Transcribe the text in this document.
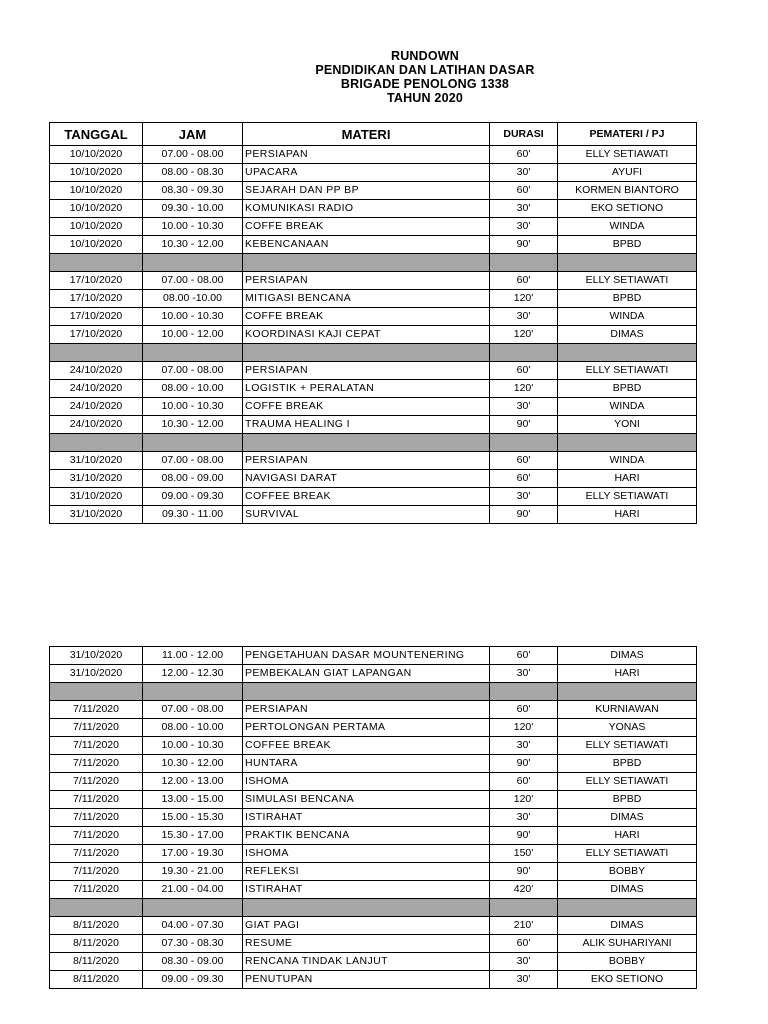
RUNDOWN
PENDIDIKAN DAN LATIHAN DASAR
BRIGADE PENOLONG 1338
TAHUN 2020
TANGGAL	JAM	MATERI	DURASI	PEMATERI / PJ
10/10/2020	07.00 - 08.00	PERSIAPAN	60'	ELLY SETIAWATI
10/10/2020	08.00 - 08.30	UPACARA	30'	AYUFI
10/10/2020	08.30 - 09.30	SEJARAH DAN PP BP	60'	KORMEN BIANTORO
10/10/2020	09.30 - 10.00	KOMUNIKASI RADIO	30'	EKO SETIONO
10/10/2020	10.00 - 10.30	COFFE BREAK	30'	WINDA
10/10/2020	10.30 - 12.00	KEBENCANAAN	90'	BPBD

17/10/2020	07.00 - 08.00	PERSIAPAN	60'	ELLY SETIAWATI
17/10/2020	08.00 -10.00	MITIGASI BENCANA	120'	BPBD
17/10/2020	10.00 - 10.30	COFFE BREAK	30'	WINDA
17/10/2020	10.00 - 12.00	KOORDINASI KAJI CEPAT	120'	DIMAS

24/10/2020	07.00 - 08.00	PERSIAPAN	60'	ELLY SETIAWATI
24/10/2020	08.00 - 10.00	LOGISTIK + PERALATAN	120'	BPBD
24/10/2020	10.00 - 10.30	COFFE BREAK	30'	WINDA
24/10/2020	10.30 - 12.00	TRAUMA HEALING I	90'	YONI

31/10/2020	07.00 - 08.00	PERSIAPAN	60'	WINDA
31/10/2020	08.00 - 09.00	NAVIGASI DARAT	60'	HARI
31/10/2020	09.00 - 09.30	COFFEE BREAK	30'	ELLY SETIAWATI
31/10/2020	09.30 - 11.00	SURVIVAL	90'	HARI
31/10/2020	11.00 - 12.00	PENGETAHUAN DASAR MOUNTENERING	60'	DIMAS
31/10/2020	12.00 - 12.30	PEMBEKALAN GIAT LAPANGAN	30'	HARI

7/11/2020	07.00 - 08.00	PERSIAPAN	60'	KURNIAWAN
7/11/2020	08.00 - 10.00	PERTOLONGAN PERTAMA	120'	YONAS
7/11/2020	10.00 - 10.30	COFFEE BREAK	30'	ELLY SETIAWATI
7/11/2020	10.30 - 12.00	HUNTARA	90'	BPBD
7/11/2020	12.00 - 13.00	ISHOMA	60'	ELLY SETIAWATI
7/11/2020	13.00 - 15.00	SIMULASI BENCANA	120'	BPBD
7/11/2020	15.00 - 15.30	ISTIRAHAT	30'	DIMAS
7/11/2020	15.30 - 17.00	PRAKTIK BENCANA	90'	HARI
7/11/2020	17.00 - 19.30	ISHOMA	150'	ELLY SETIAWATI
7/11/2020	19.30 - 21.00	REFLEKSI	90'	BOBBY
7/11/2020	21.00 - 04.00	ISTIRAHAT	420'	DIMAS

8/11/2020	04.00 - 07.30	GIAT PAGI	210'	DIMAS
8/11/2020	07.30 - 08.30	RESUME	60'	ALIK SUHARIYANI
8/11/2020	08.30 - 09.00	RENCANA TINDAK LANJUT	30'	BOBBY
8/11/2020	09.00 - 09.30	PENUTUPAN	30'	EKO SETIONO
